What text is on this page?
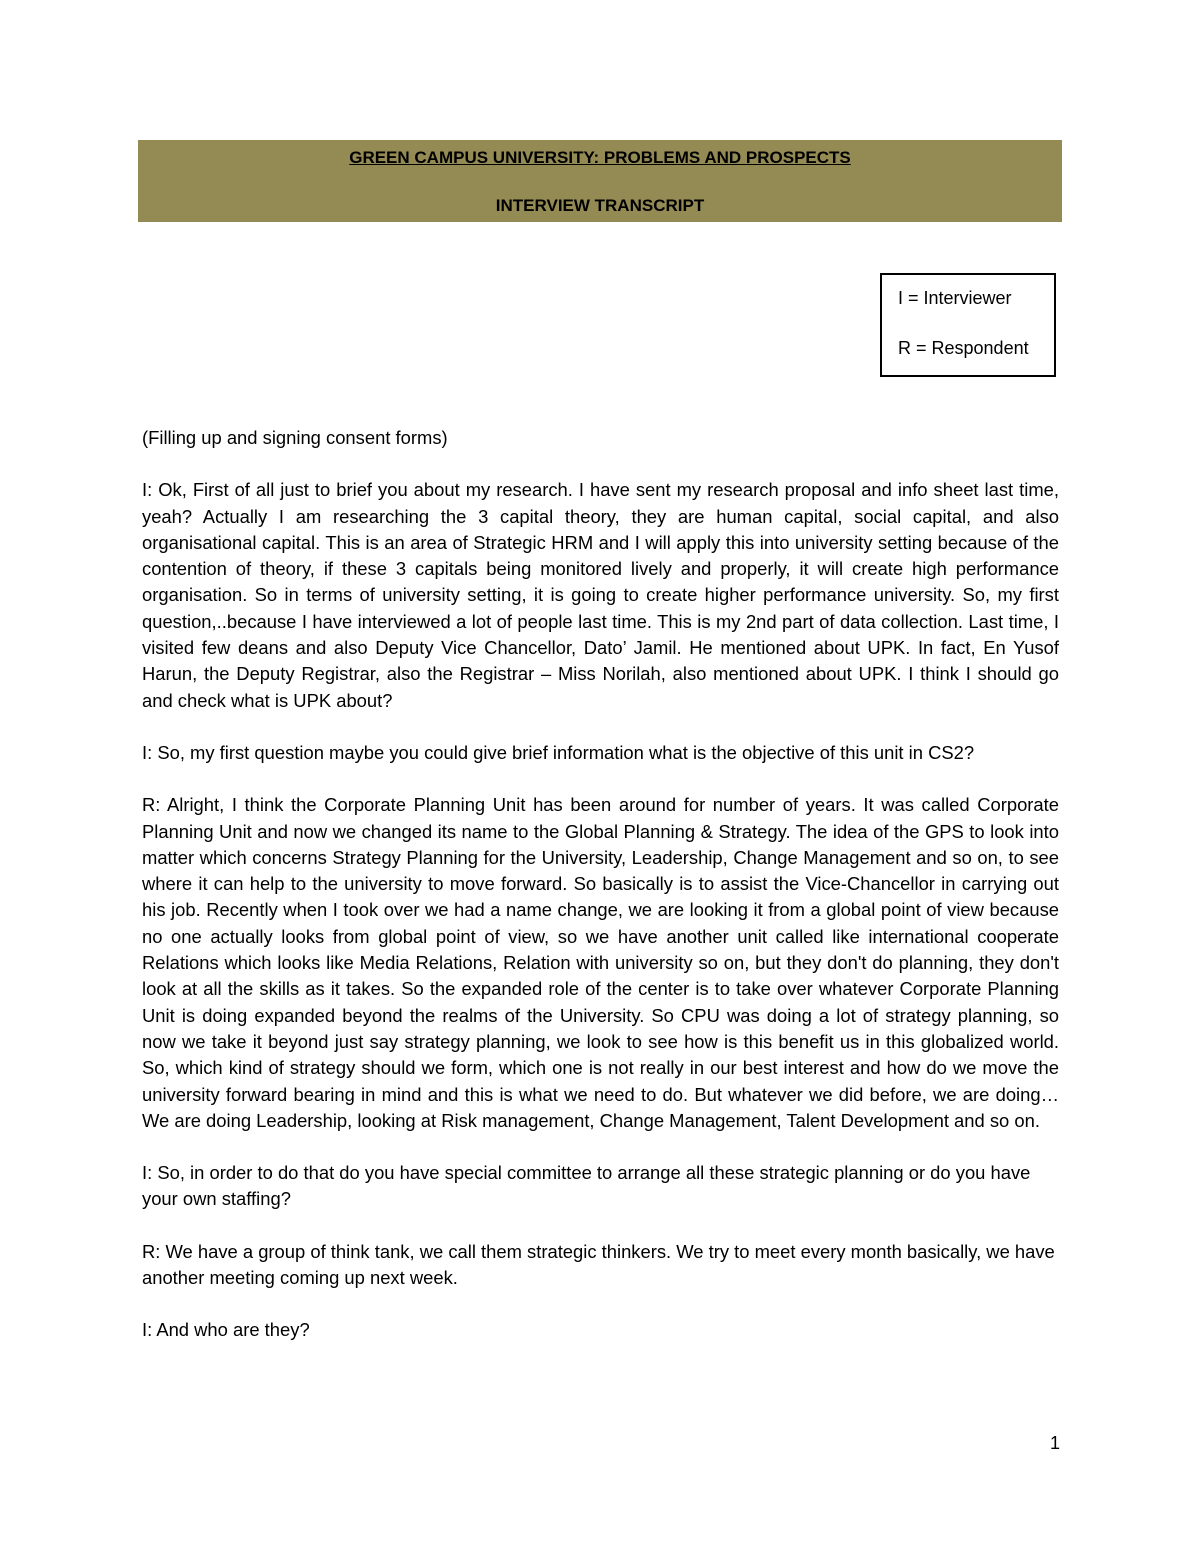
GREEN CAMPUS UNIVERSITY: PROBLEMS AND PROSPECTS
INTERVIEW TRANSCRIPT
I = Interviewer
R = Respondent

(Filling up and signing consent forms)

I: Ok, First of all just to brief you about my research. I have sent my research proposal and info sheet last time, yeah? Actually I am researching the 3 capital theory, they are human capital, social capital, and also organisational capital. This is an area of Strategic HRM and I will apply this into university setting because of the contention of theory, if these 3 capitals being monitored lively and properly, it will create high performance organisation. So in terms of university setting, it is going to create higher performance university. So, my first question,..because I have interviewed a lot of people last time. This is my 2nd part of data collection. Last time, I visited few deans and also Deputy Vice Chancellor, Dato’ Jamil. He mentioned about UPK. In fact, En Yusof Harun, the Deputy Registrar, also the Registrar – Miss Norilah, also mentioned about UPK. I think I should go and check what is UPK about?

I: So, my first question maybe you could give brief information what is the objective of this unit in CS2?

R: Alright, I think the Corporate Planning Unit has been around for number of years. It was called Corporate Planning Unit and now we changed its name to the Global Planning & Strategy. The idea of the GPS to look into matter which concerns Strategy Planning for the University, Leadership, Change Management and so on, to see where it can help to the university to move forward. So basically is to assist the Vice-Chancellor in carrying out his job. Recently when I took over we had a name change, we are looking it from a global point of view because no one actually looks from global point of view, so we have another unit called like international cooperate Relations which looks like Media Relations, Relation with university so on, but they don't do planning, they don't look at all the skills as it takes. So the expanded role of the center is to take over whatever Corporate Planning Unit is doing expanded beyond the realms of the University. So CPU was doing a lot of strategy planning, so now we take it beyond just say strategy planning, we look to see how is this benefit us in this globalized world. So, which kind of strategy should we form, which one is not really in our best interest and how do we move the university forward bearing in mind and this is what we need to do. But whatever we did before, we are doing…We are doing Leadership, looking at Risk management, Change Management, Talent Development and so on.

I: So, in order to do that do you have special committee to arrange all these strategic planning or do you have your own staffing?

R: We have a group of think tank, we call them strategic thinkers. We try to meet every month basically, we have another meeting coming up next week.

I: And who are they?

1
